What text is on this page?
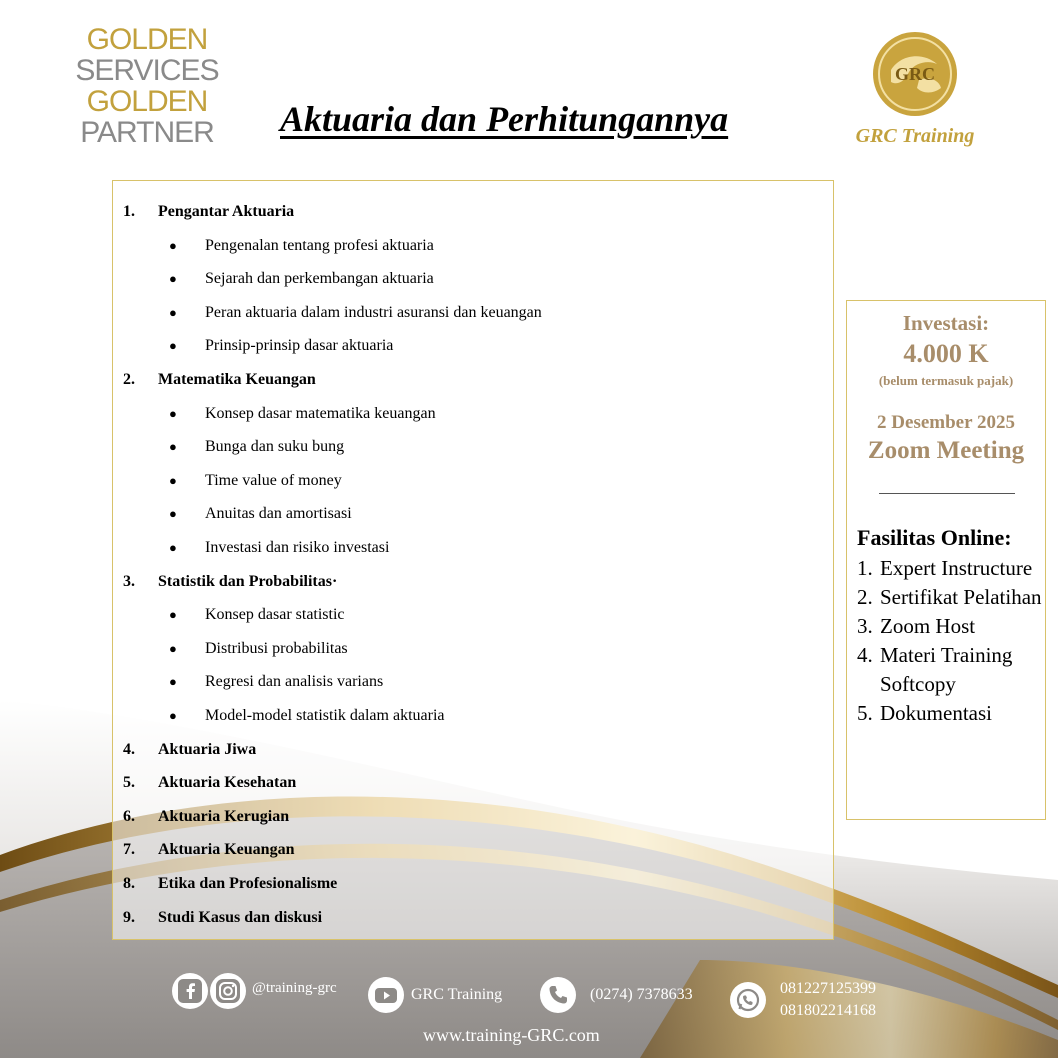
GOLDEN
SERVICES
GOLDEN
PARTNER Aktuaria dan Perhitungannya
GRC
GRC Training
1. Pengantar Aktuaria
● Pengenalan tentang profesi aktuaria
● Sejarah dan perkembangan aktuaria
● Peran aktuaria dalam industri asuransi dan keuangan
● Prinsip-prinsip dasar aktuaria
2. Matematika Keuangan
● Konsep dasar matematika keuangan
● Bunga dan suku bung
● Time value of money
● Anuitas dan amortisasi
● Investasi dan risiko investasi
3. Statistik dan Probabilitas·
● Konsep dasar statistic
● Distribusi probabilitas
● Regresi dan analisis varians
● Model-model statistik dalam aktuaria
4. Aktuaria Jiwa
5. Aktuaria Kesehatan
6. Aktuaria Kerugian
7. Aktuaria Keuangan
8. Etika dan Profesionalisme
9. Studi Kasus dan diskusi
Investasi:
4.000 K
(belum termasuk pajak)
2 Desember 2025
Zoom Meeting
Fasilitas Online:
1. Expert Instructure
2. Sertifikat Pelatihan
3. Zoom Host
4. Materi Training Softcopy
5. Dokumentasi
@training-grc	GRC Training	(0274) 7378633	081227125399
081802214168
www.training-GRC.com
